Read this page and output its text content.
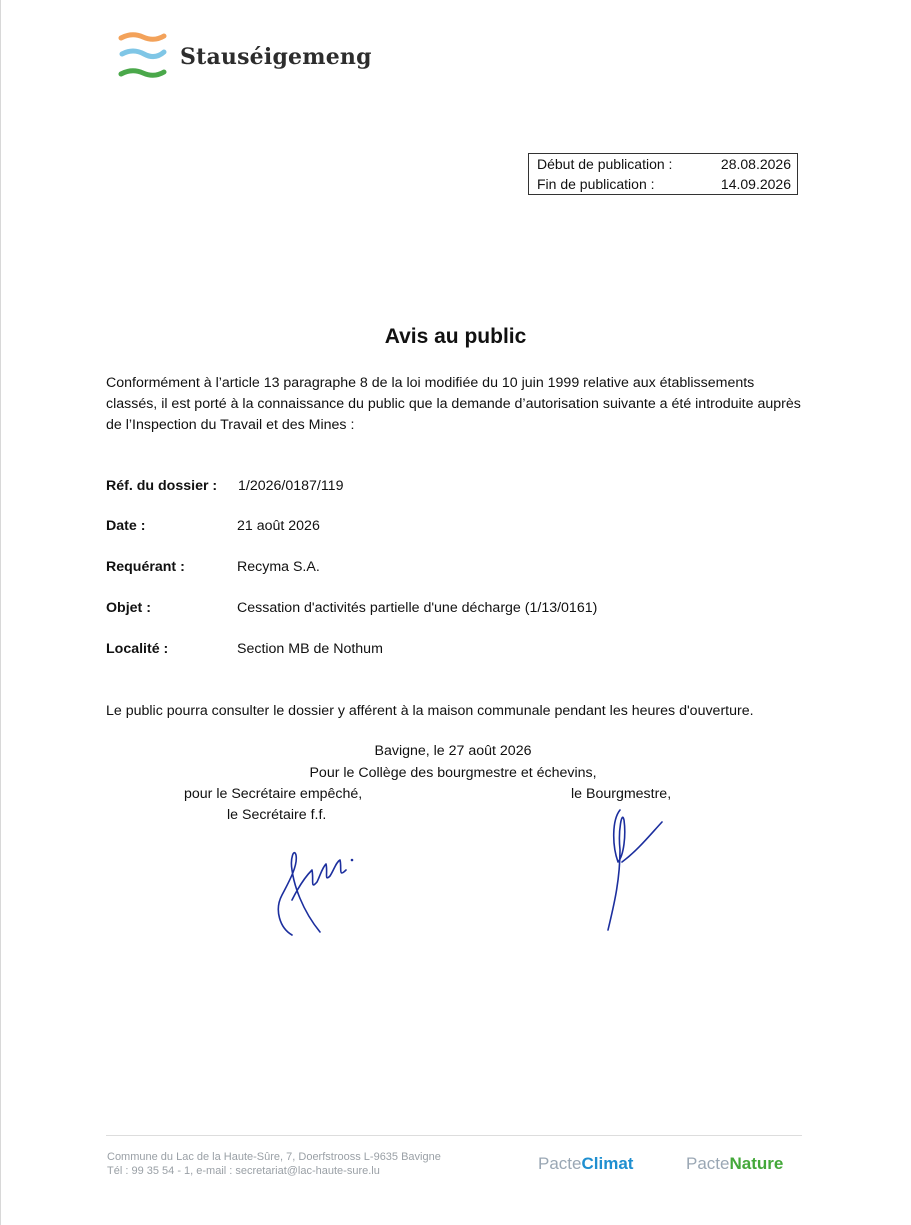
Stauséigemeng
Début de publication :	28.08.2026
Fin de publication :	14.09.2026
Avis au public
Conformément à l’article 13 paragraphe 8 de la loi modifiée du 10 juin 1999 relative aux établissements classés, il est porté à la connaissance du public que la demande d’autorisation suivante a été introduite auprès de l’Inspection du Travail et des Mines :
Réf. du dossier : 1/2026/0187/119
Date :	21 août 2026
Requérant :	Recyma S.A.
Objet :	Cessation d'activités partielle d'une décharge (1/13/0161)
Localité :	Section MB de Nothum
Le public pourra consulter le dossier y afférent à la maison communale pendant les heures d'ouverture.
Bavigne, le 27 août 2026
Pour le Collège des bourgmestre et échevins,
pour le Secrétaire empêché,
le Secrétaire f.f.
le Bourgmestre,
Commune du Lac de la Haute-Sûre, 7, Doerfstrooss L-9635 Bavigne
Tél : 99 35 54 - 1, e-mail : secretariat@lac-haute-sure.lu	PacteClimat	PacteNature
